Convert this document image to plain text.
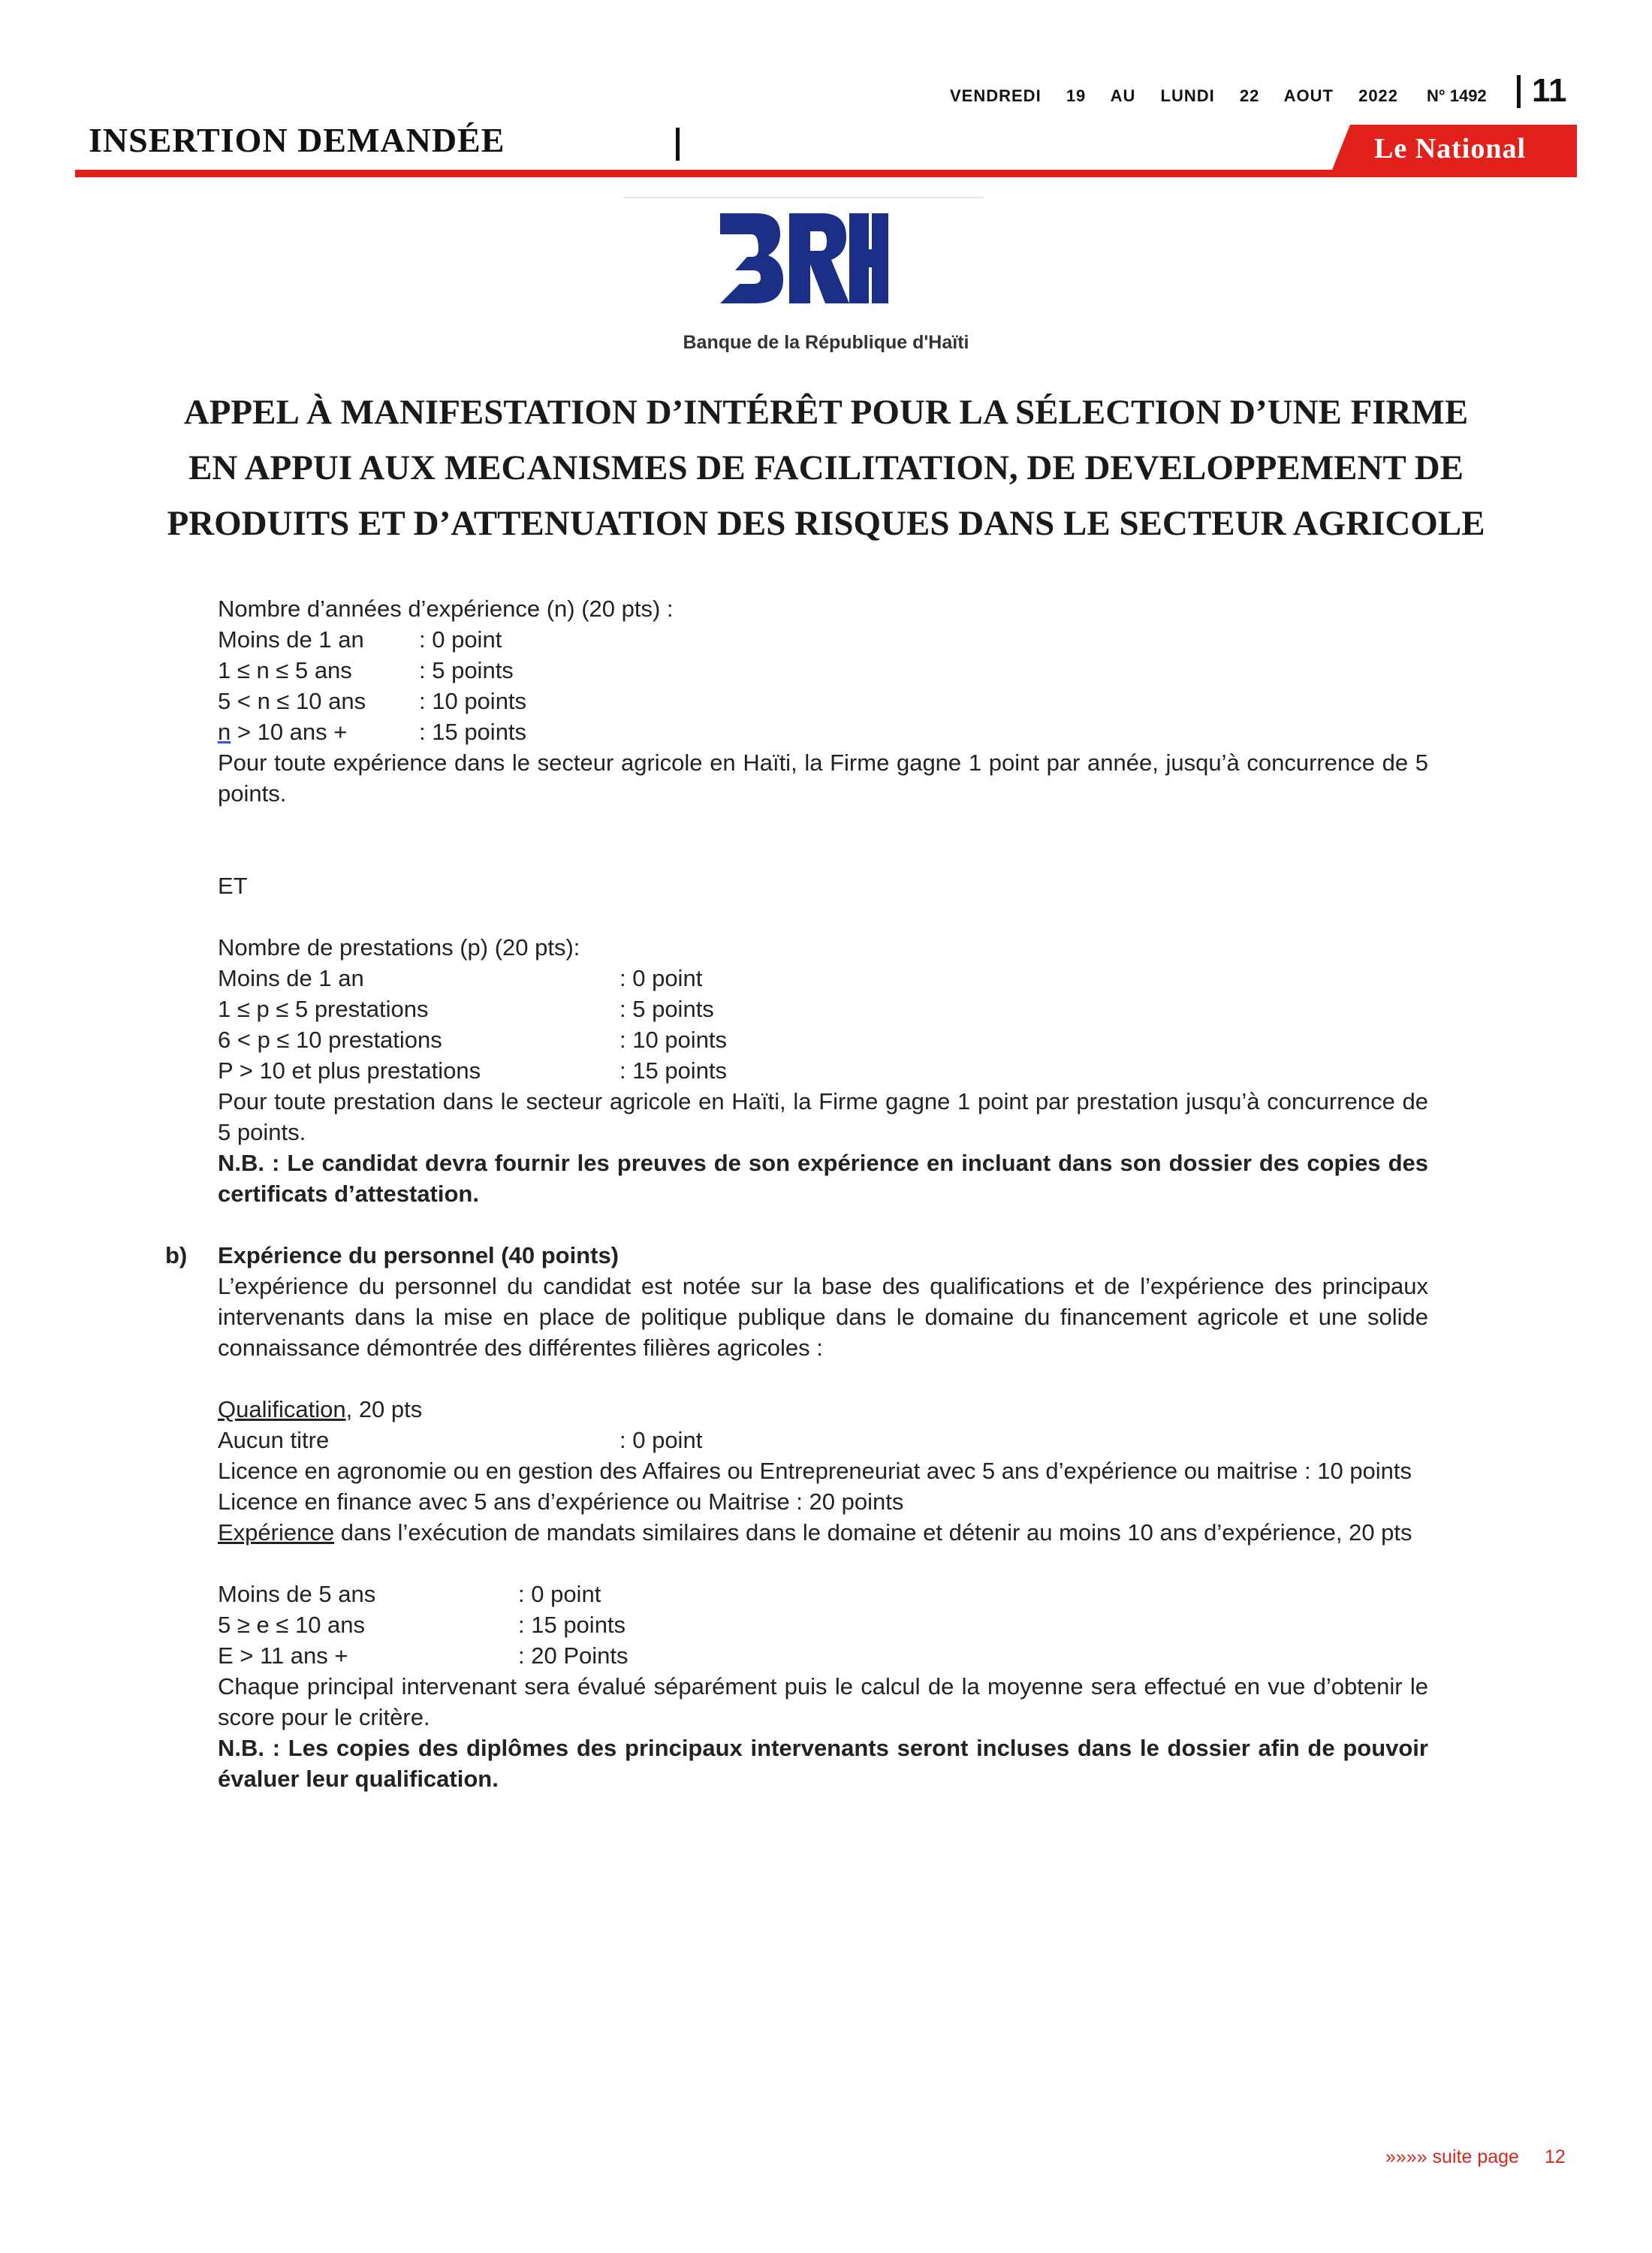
VENDREDI 19 AU LUNDI 22 AOUT 2022	N° 1492 11
INSERTION DEMANDÉE	Le National
Banque de la République d'Haïti
APPEL À MANIFESTATION D’INTÉRÊT POUR LA SÉLECTION D’UNE FIRME
EN APPUI AUX MECANISMES DE FACILITATION, DE DEVELOPPEMENT DE
PRODUITS ET D’ATTENUATION DES RISQUES DANS LE SECTEUR AGRICOLE
Nombre d’années d’expérience (n) (20 pts) :
Moins de 1 an	: 0 point
1 ≤ n ≤ 5 ans	: 5 points
5 < n ≤ 10 ans	: 10 points
n > 10 ans +	: 15 points

Pour toute expérience dans le secteur agricole en Haïti, la Firme gagne 1 point par année, jusqu’à concurrence de 5 points.

ET
Nombre de prestations (p) (20 pts):
Moins de 1 an	: 0 point
1 ≤ p ≤ 5 prestations	: 5 points
6 < p ≤ 10 prestations	: 10 points
P > 10 et plus prestations	: 15 points

Pour toute prestation dans le secteur agricole en Haïti, la Firme gagne 1 point par prestation jusqu’à concurrence de 5 points.

N.B. : Le candidat devra fournir les preuves de son expérience en incluant dans son dossier des copies des certificats d’attestation.

b) Expérience du personnel (40 points)

L’expérience du personnel du candidat est notée sur la base des qualifications et de l’expérience des principaux intervenants dans la mise en place de politique publique dans le domaine du financement agricole et une solide connaissance démontrée des différentes filières agricoles :

Qualification, 20 pts
Aucun titre	: 0 point

Licence en agronomie ou en gestion des Affaires ou Entrepreneuriat avec 5 ans d’expérience ou maitrise : 10 points

Licence en finance avec 5 ans d’expérience ou Maitrise : 20 points

Expérience dans l’exécution de mandats similaires dans le domaine et détenir au moins 10 ans d’expérience, 20 pts

Moins de 5 ans	: 0 point
5 ≥ e ≤ 10 ans	: 15 points
E > 11 ans +	: 20 Points

Chaque principal intervenant sera évalué séparément puis le calcul de la moyenne sera effectué en vue d’obtenir le score pour le critère.

N.B. : Les copies des diplômes des principaux intervenants seront incluses dans le dossier afin de pouvoir évaluer leur qualification.

»»»» suite page 12
